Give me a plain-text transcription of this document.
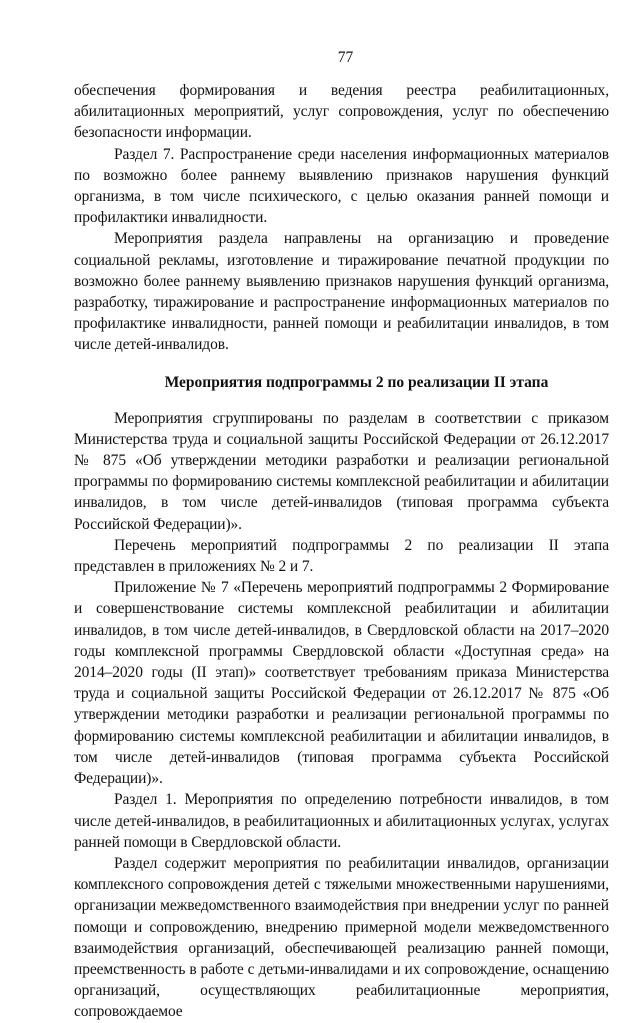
77

обеспечения формирования и ведения реестра реабилитационных, абилитационных мероприятий, услуг сопровождения, услуг по обеспечению безопасности информации.

Раздел 7. Распространение среди населения информационных материалов по возможно более раннему выявлению признаков нарушения функций организма, в том числе психического, с целью оказания ранней помощи и профилактики инвалидности.

Мероприятия раздела направлены на организацию и проведение социальной рекламы, изготовление и тиражирование печатной продукции по возможно более раннему выявлению признаков нарушения функций организма, разработку, тиражирование и распространение информационных материалов по профилактике инвалидности, ранней помощи и реабилитации инвалидов, в том числе детей-инвалидов.

Мероприятия подпрограммы 2 по реализации II этапа

Мероприятия сгруппированы по разделам в соответствии с приказом Министерства труда и социальной защиты Российской Федерации от 26.12.2017 № 875 «Об утверждении методики разработки и реализации региональной программы по формированию системы комплексной реабилитации и абилитации инвалидов, в том числе детей-инвалидов (типовая программа субъекта Российской Федерации)».

Перечень мероприятий подпрограммы 2 по реализации II этапа представлен в приложениях № 2 и 7.

Приложение № 7 «Перечень мероприятий подпрограммы 2 Формирование и совершенствование системы комплексной реабилитации и абилитации инвалидов, в том числе детей-инвалидов, в Свердловской области на 2017–2020 годы комплексной программы Свердловской области «Доступная среда» на 2014–2020 годы (II этап)» соответствует требованиям приказа Министерства труда и социальной защиты Российской Федерации от 26.12.2017 № 875 «Об утверждении методики разработки и реализации региональной программы по формированию системы комплексной реабилитации и абилитации инвалидов, в том числе детей-инвалидов (типовая программа субъекта Российской Федерации)».

Раздел 1. Мероприятия по определению потребности инвалидов, в том числе детей-инвалидов, в реабилитационных и абилитационных услугах, услугах ранней помощи в Свердловской области.

Раздел содержит мероприятия по реабилитации инвалидов, организации комплексного сопровождения детей с тяжелыми множественными нарушениями, организации межведомственного взаимодействия при внедрении услуг по ранней помощи и сопровождению, внедрению примерной модели межведомственного взаимодействия организаций, обеспечивающей реализацию ранней помощи, преемственность в работе с детьми-инвалидами и их сопровождение, оснащению организаций, осуществляющих реабилитационные мероприятия, сопровождаемое
